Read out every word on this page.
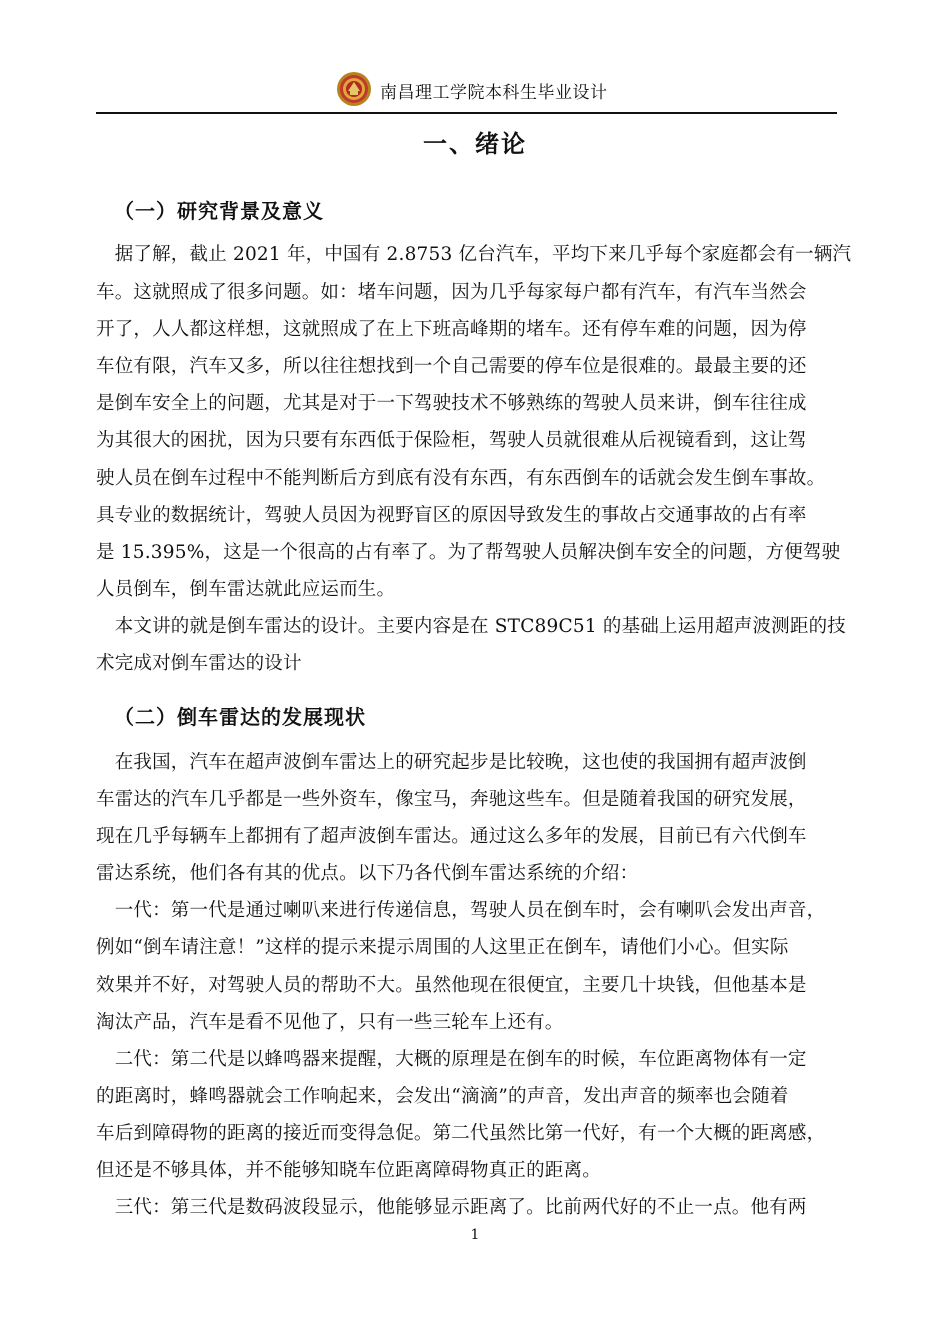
南昌理工学院本科生毕业设计
一、绪论
（一）研究背景及意义
　据了解，截止 2021 年，中国有 2.8753 亿台汽车，平均下来几乎每个家庭都会有一辆汽
车。这就照成了很多问题。如：堵车问题，因为几乎每家每户都有汽车，有汽车当然会
开了，人人都这样想，这就照成了在上下班高峰期的堵车。还有停车难的问题，因为停
车位有限，汽车又多，所以往往想找到一个自己需要的停车位是很难的。最最主要的还
是倒车安全上的问题，尤其是对于一下驾驶技术不够熟练的驾驶人员来讲，倒车往往成
为其很大的困扰，因为只要有东西低于保险柜，驾驶人员就很难从后视镜看到，这让驾
驶人员在倒车过程中不能判断后方到底有没有东西，有东西倒车的话就会发生倒车事故。
具专业的数据统计，驾驶人员因为视野盲区的原因导致发生的事故占交通事故的占有率
是 15.395%，这是一个很高的占有率了。为了帮驾驶人员解决倒车安全的问题，方便驾驶
人员倒车，倒车雷达就此应运而生。
　本文讲的就是倒车雷达的设计。主要内容是在 STC89C51 的基础上运用超声波测距的技
术完成对倒车雷达的设计
（二）倒车雷达的发展现状
　在我国，汽车在超声波倒车雷达上的研究起步是比较晚，这也使的我国拥有超声波倒
车雷达的汽车几乎都是一些外资车，像宝马，奔驰这些车。但是随着我国的研究发展，
现在几乎每辆车上都拥有了超声波倒车雷达。通过这么多年的发展，目前已有六代倒车
雷达系统，他们各有其的优点。以下乃各代倒车雷达系统的介绍：
　一代：第一代是通过喇叭来进行传递信息，驾驶人员在倒车时，会有喇叭会发出声音，
例如“倒车请注意！”这样的提示来提示周围的人这里正在倒车，请他们小心。但实际
效果并不好，对驾驶人员的帮助不大。虽然他现在很便宜，主要几十块钱，但他基本是
淘汰产品，汽车是看不见他了，只有一些三轮车上还有。
　二代：第二代是以蜂鸣器来提醒，大概的原理是在倒车的时候，车位距离物体有一定
的距离时，蜂鸣器就会工作响起来，会发出“滴滴”的声音，发出声音的频率也会随着
车后到障碍物的距离的接近而变得急促。第二代虽然比第一代好，有一个大概的距离感，
但还是不够具体，并不能够知晓车位距离障碍物真正的距离。
　三代：第三代是数码波段显示，他能够显示距离了。比前两代好的不止一点。他有两
1
